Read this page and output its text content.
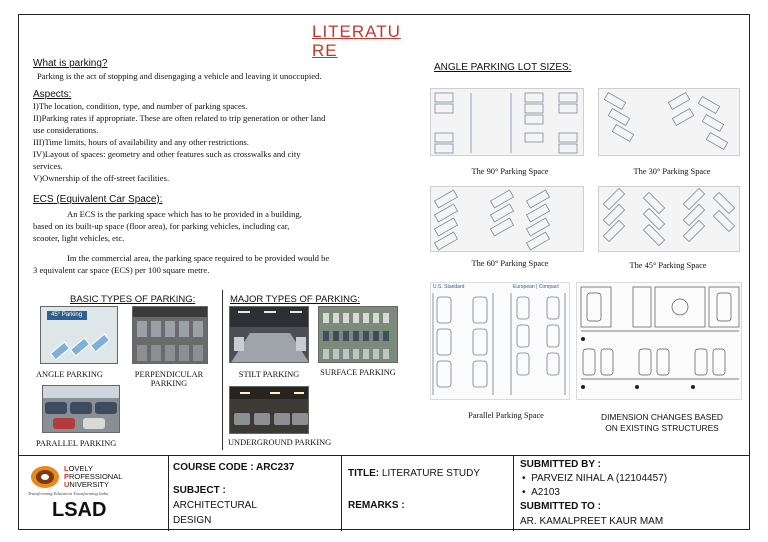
LITERATU
RE
What is parking?
Parking is the act of stopping and disengaging a vehicle and leaving it unoccupied.
Aspects:
I)The location, condition, type, and number of parking spaces.
II)Parking rates if appropriate. These are often related to trip generation or other land
use considerations.
III)Time limits, hours of availability and any other restrictions.
IV)Layout of spaces: geometry and other features such as crosswalks and city
services.
V)Ownership of the off-street facilities.
ECS (Equivalent Car Space):
An ECS is the parking space which has to be provided in a building,
based on its built-up space (floor area), for parking vehicles, including car,
scooter, light vehicles, etc.
Im the commercial area, the parking space required to be provided would be
3 equivalent car space (ECS) per 100 square metre.
BASIC TYPES OF PARKING:
45° Parking
ANGLE PARKING	PERPENDICULAR PARKING
PARALLEL PARKING
MAJOR TYPES OF PARKING:
STILT PARKING	SURFACE PARKING
UNDERGROUND PARKING
ANGLE PARKING LOT SIZES:
The 90° Parking Space	The 30° Parking Space
The 60° Parking Space	The 45° Parking Space
U.S. Standard	European | Compact
Parallel Parking Space	DIMENSION CHANGES BASED
ON EXISTING STRUCTURES
LOVELY
PROFESSIONAL
UNIVERSITY
Transforming Education Transforming India
LSAD
COURSE CODE : ARC237
SUBJECT :
ARCHITECTURAL
DESIGN
TITLE: LITERATURE STUDY
REMARKS :
SUBMITTED BY :
•  PARVEIZ NIHAL A (12104457)
•  A2103
SUBMITTED TO :
AR. KAMALPREET KAUR MAM
